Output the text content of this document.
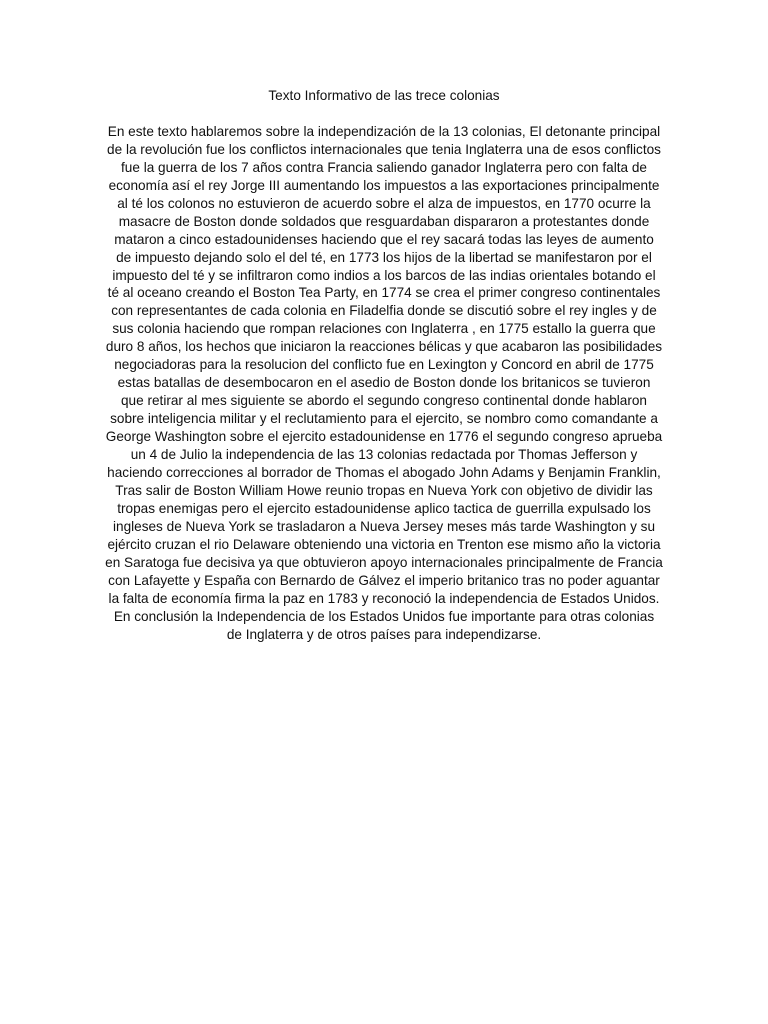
Texto Informativo de las trece colonias

En este texto hablaremos sobre la independización de la 13 colonias, El detonante principal
de la revolución fue los conflictos internacionales que tenia Inglaterra una de esos conflictos
fue la guerra de los 7 años contra Francia saliendo ganador Inglaterra pero con falta de
economía así el rey Jorge III aumentando los impuestos a las exportaciones principalmente
al té los colonos no estuvieron de acuerdo sobre el alza de impuestos, en 1770 ocurre la
masacre de Boston donde soldados que resguardaban dispararon a protestantes donde
mataron a cinco estadounidenses haciendo que el rey sacará todas las leyes de aumento
de impuesto dejando solo el del té, en 1773 los hijos de la libertad se manifestaron por el
impuesto del té y se infiltraron como indios a los barcos de las indias orientales botando el
té al oceano creando el Boston Tea Party, en 1774 se crea el primer congreso continentales
con representantes de cada colonia en Filadelfia donde se discutió sobre el rey ingles y de
sus colonia haciendo que rompan relaciones con Inglaterra , en 1775 estallo la guerra que
duro 8 años, los hechos que iniciaron la reacciones bélicas y que acabaron las posibilidades
negociadoras para la resolucion del conflicto fue en Lexington y Concord en abril de 1775
estas batallas de desembocaron en el asedio de Boston donde los britanicos se tuvieron
que retirar al mes siguiente se abordo el segundo congreso continental donde hablaron
sobre inteligencia militar y el reclutamiento para el ejercito, se nombro como comandante a
George Washington sobre el ejercito estadounidense en 1776 el segundo congreso aprueba
un 4 de Julio la independencia de las 13 colonias redactada por Thomas Jefferson y
haciendo correcciones al borrador de Thomas el abogado John Adams y Benjamin Franklin,
Tras salir de Boston William Howe reunio tropas en Nueva York con objetivo de dividir las
tropas enemigas pero el ejercito estadounidense aplico tactica de guerrilla expulsado los
ingleses de Nueva York se trasladaron a Nueva Jersey meses más tarde Washington y su
ejército cruzan el rio Delaware obteniendo una victoria en Trenton ese mismo año la victoria
en Saratoga fue decisiva ya que obtuvieron apoyo internacionales principalmente de Francia
con Lafayette y España con Bernardo de Gálvez el imperio britanico tras no poder aguantar
la falta de economía firma la paz en 1783 y reconoció la independencia de Estados Unidos.
En conclusión la Independencia de los Estados Unidos fue importante para otras colonias
de Inglaterra y de otros países para independizarse.
